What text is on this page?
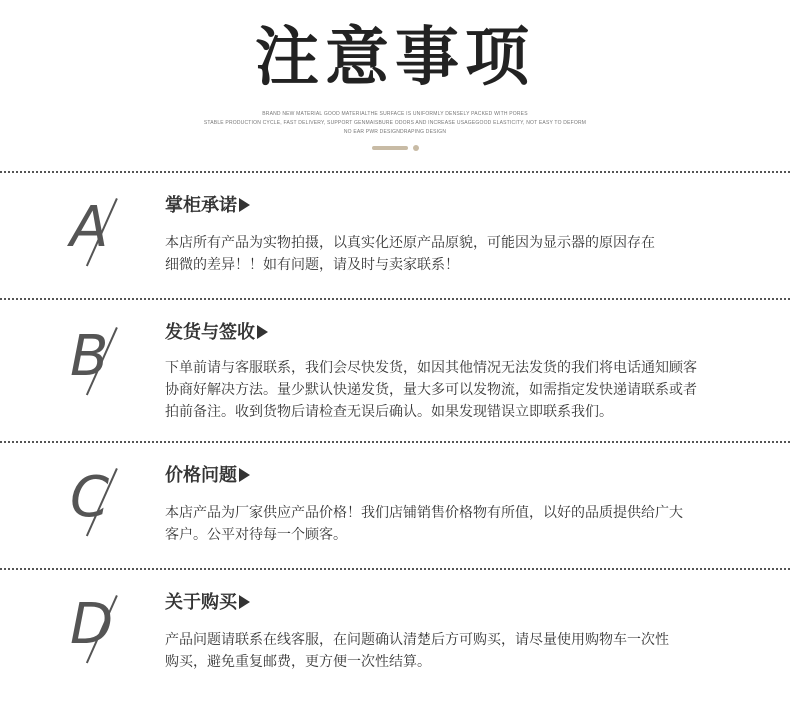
注意事项
BRAND NEW MATERIAL GOOD MATERIALTHE SURFACE IS UNIFORMLY DENSELY PACKED WITH PORES
STABLE PRODUCTION CYCLE, FAST DELIVERY, SUPPORT GENMAISBURE ODORS AND INCREASE USAGEGOOD ELASTICITY, NOT EASY TO DEFORM
NO EAR PWR DESIGNDRAPING DESIGN
A	掌柜承诺

本店所有产品为实物拍摄，以真实化还原产品原貌，可能因为显示器的原因存在

细微的差异！！如有问题，请及时与卖家联系！

B	发货与签收

下单前请与客服联系，我们会尽快发货，如因其他情况无法发货的我们将电话通知顾客

协商好解决方法。量少默认快递发货，量大多可以发物流，如需指定发快递请联系或者

拍前备注。收到货物后请检查无误后确认。如果发现错误立即联系我们。

C	价格问题

本店产品为厂家供应产品价格！我们店铺销售价格物有所值，以好的品质提供给广大

客户。公平对待每一个顾客。

D	关于购买

产品问题请联系在线客服，在问题确认清楚后方可购买，请尽量使用购物车一次性

购买，避免重复邮费，更方便一次性结算。
